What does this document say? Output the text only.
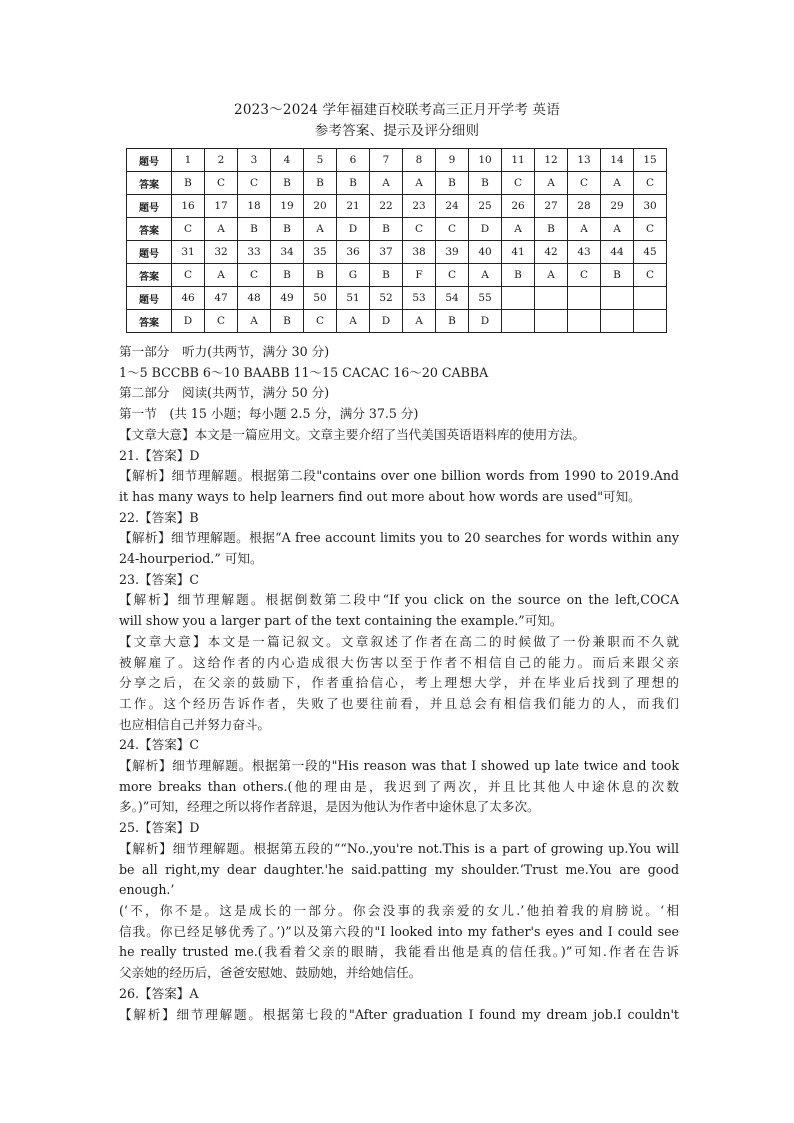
2023～2024 学年福建百校联考高三正月开学考 英语
参考答案、提示及评分细则
题号	1	2	3	4	5	6	7	8	9	10	11	12	13	14	15
答案	B	C	C	B	B	B	A	A	B	B	C	A	C	A	C
题号	16	17	18	19	20	21	22	23	24	25	26	27	28	29	30
答案	C	A	B	B	A	D	B	C	C	D	A	B	A	A	C
题号	31	32	33	34	35	36	37	38	39	40	41	42	43	44	45
答案	C	A	C	B	B	G	B	F	C	A	B	A	C	B	C
题号	46	47	48	49	50	51	52	53	54	55					
答案	D	C	A	B	C	A	D	A	B	D					

第一部分　听力(共两节，满分 30 分)

1～5 BCCBB 6～10 BAABB 11～15 CACAC 16～20 CABBA

第二部分　阅读(共两节，满分 50 分)

第一节　(共 15 小题；每小题 2.5 分，满分 37.5 分)

【文章大意】本文是一篇应用文。文章主要介绍了当代美国英语语料库的使用方法。

21.【答案】D

【解析】细节理解题。根据第二段"contains over one billion words from 1990 to 2019.And

it has many ways to help learners find out more about how words are used"可知。

22.【答案】B

【解析】细节理解题。根据“A free account limits you to 20 searches for words within any

24-hourperiod.” 可知。

23.【答案】C

【解析】细节理解题。根据倒数第二段中“If you click on the source on the left,COCA

will show you a larger part of the text containing the example.”可知。

【文章大意】本文是一篇记叙文。文章叙述了作者在高二的时候做了一份兼职而不久就

被解雇了。这给作者的内心造成很大伤害以至于作者不相信自己的能力。而后来跟父亲

分享之后，在父亲的鼓励下，作者重拾信心，考上理想大学，并在毕业后找到了理想的

工作。这个经历告诉作者，失败了也要往前看，并且总会有相信我们能力的人，而我们

也应相信自己并努力奋斗。

24.【答案】C

【解析】细节理解题。根据第一段的"His reason was that I showed up late twice and took

more breaks than others.(他的理由是，我迟到了两次，并且比其他人中途休息的次数

多。)”可知，经理之所以将作者辞退，是因为他认为作者中途休息了太多次。

25.【答案】D

【解析】细节理解题。根据第五段的““No.,you're not.This is a part of growing up.You will

be all right,my dear daughter.'he said.patting my shoulder.‘Trust me.You are good enough.’

(‘不，你不是。这是成长的一部分。你会没事的我亲爱的女儿.’他拍着我的肩膀说。‘相

信我。你已经足够优秀了。’)”以及第六段的"I looked into my father's eyes and I could see

he really trusted me.(我看着父亲的眼睛，我能看出他是真的信任我。)”可知.作者在告诉

父亲她的经历后，爸爸安慰她、鼓励她，并给她信任。

26.【答案】A

【解析】细节理解题。根据第七段的"After graduation I found my dream job.I couldn't
